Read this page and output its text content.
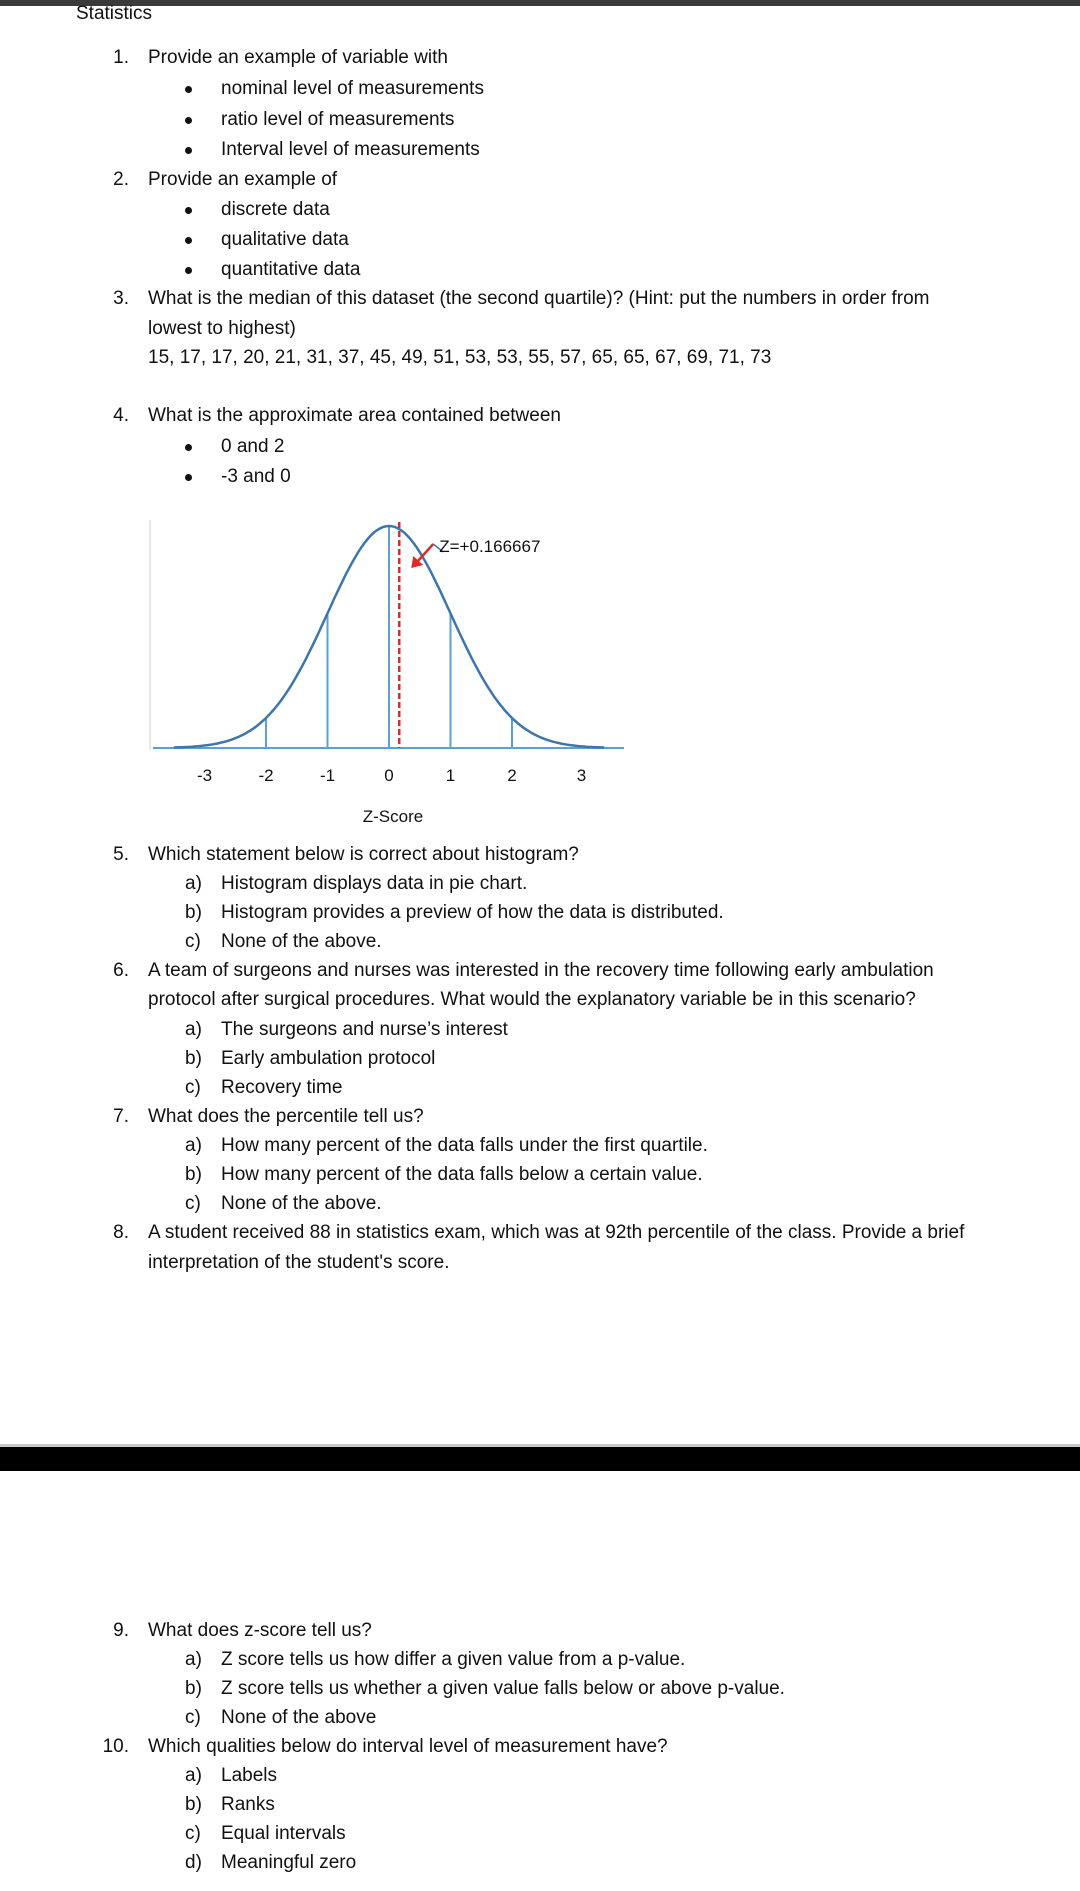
Statistics
1. Provide an example of variable with
nominal level of measurements
ratio level of measurements
Interval level of measurements
2. Provide an example of
discrete data
qualitative data
quantitative data
3. What is the median of this dataset (the second quartile)? (Hint: put the numbers in order from
lowest to highest)
15, 17, 17, 20, 21, 31, 37, 45, 49, 51, 53, 53, 55, 57, 65, 65, 67, 69, 71, 73
4. What is the approximate area contained between
0 and 2
-3 and 0
Z=+0.166667
-3	-2	-1	0	1	2	3
Z-Score
5. Which statement below is correct about histogram?
a) Histogram displays data in pie chart.
b) Histogram provides a preview of how the data is distributed.
c) None of the above.
6. A team of surgeons and nurses was interested in the recovery time following early ambulation
protocol after surgical procedures. What would the explanatory variable be in this scenario?
a) The surgeons and nurse’s interest
b) Early ambulation protocol
c) Recovery time
7. What does the percentile tell us?
a) How many percent of the data falls under the first quartile.
b) How many percent of the data falls below a certain value.
c) None of the above.
8. A student received 88 in statistics exam, which was at 92th percentile of the class. Provide a brief
interpretation of the student's score.
9. What does z-score tell us?
a) Z score tells us how differ a given value from a p-value.
b) Z score tells us whether a given value falls below or above p-value.
c) None of the above
10. Which qualities below do interval level of measurement have?
a) Labels
b) Ranks
c) Equal intervals
d) Meaningful zero
